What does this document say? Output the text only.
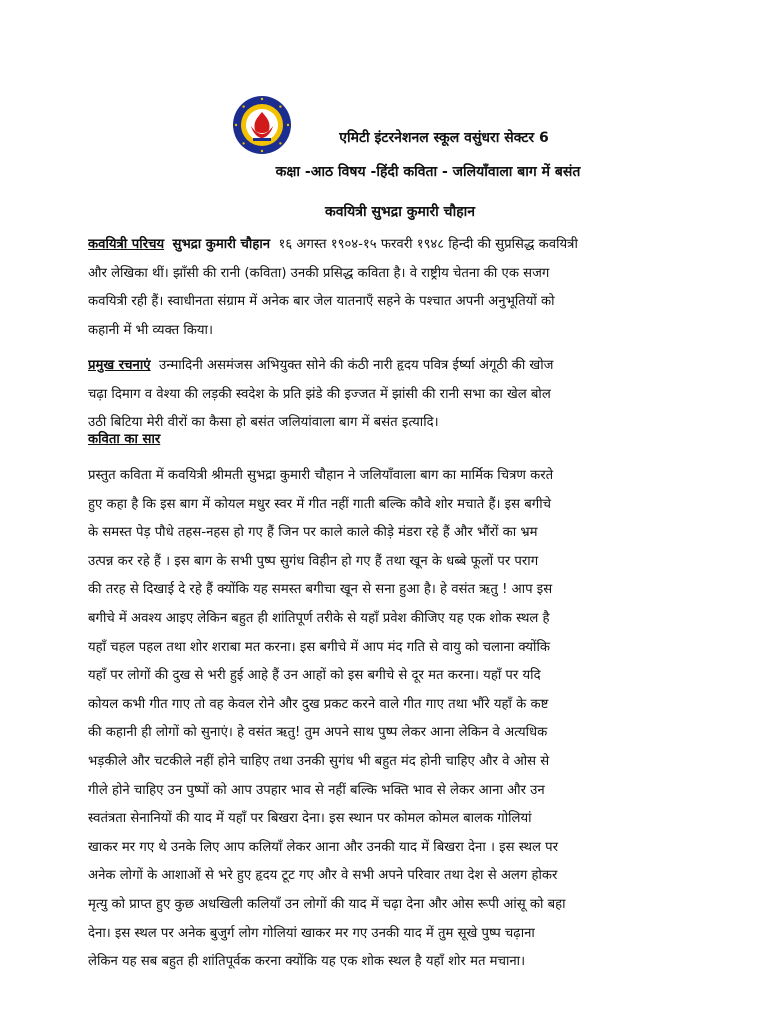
एमिटी इंटरनेशनल स्कूल वसुंधरा सेक्टर 6
कक्षा -आठ विषय -हिंदी कविता - जलियाँवाला बाग में बसंत
कवयित्री सुभद्रा कुमारी चौहान
कवयित्री परिचय सुभद्रा कुमारी चौहान १६ अगस्त १९०४-१५ फरवरी १९४८ हिन्दी की सुप्रसिद्ध कवयित्री
और लेखिका थीं। झाँसी की रानी (कविता) उनकी प्रसिद्ध कविता है। वे राष्ट्रीय चेतना की एक सजग
कवयित्री रही हैं। स्वाधीनता संग्राम में अनेक बार जेल यातनाएँ सहने के पश्चात अपनी अनुभूतियों को
कहानी में भी व्यक्त किया।
प्रमुख रचनाएं उन्मादिनी असमंजस अभियुक्त सोने की कंठी नारी हृदय पवित्र ईर्ष्या अंगूठी की खोज
चढ़ा दिमाग व वेश्या की लड़की स्वदेश के प्रति झंडे की इज्जत में झांसी की रानी सभा का खेल बोल
उठी बिटिया मेरी वीरों का कैसा हो बसंत जलियांवाला बाग में बसंत इत्यादि।
कविता का सार
प्रस्तुत कविता में कवयित्री श्रीमती सुभद्रा कुमारी चौहान ने जलियाँवाला बाग का मार्मिक चित्रण करते
हुए कहा है कि इस बाग में कोयल मधुर स्वर में गीत नहीं गाती बल्कि कौवे शोर मचाते हैं। इस बगीचे
के समस्त पेड़ पौधे तहस-नहस हो गए हैं जिन पर काले काले कीड़े मंडरा रहे हैं और भौंरों का भ्रम
उत्पन्न कर रहे हैं । इस बाग के सभी पुष्प सुगंध विहीन हो गए हैं तथा खून के धब्बे फूलों पर पराग
की तरह से दिखाई दे रहे हैं क्योंकि यह समस्त बगीचा खून से सना हुआ है। हे वसंत ऋतु ! आप इस
बगीचे में अवश्य आइए लेकिन बहुत ही शांतिपूर्ण तरीके से यहाँ प्रवेश कीजिए यह एक शोक स्थल है
यहाँ चहल पहल तथा शोर शराबा मत करना। इस बगीचे में आप मंद गति से वायु को चलाना क्योंकि
यहाँ पर लोगों की दुख से भरी हुई आहे हैं उन आहों को इस बगीचे से दूर मत करना। यहाँ पर यदि
कोयल कभी गीत गाए तो वह केवल रोने और दुख प्रकट करने वाले गीत गाए तथा भौंरे यहाँ के कष्ट
की कहानी ही लोगों को सुनाएं। हे वसंत ऋतु! तुम अपने साथ पुष्प लेकर आना लेकिन वे अत्यधिक
भड़कीले और चटकीले नहीं होने चाहिए तथा उनकी सुगंध भी बहुत मंद होनी चाहिए और वे ओस से
गीले होने चाहिए उन पुष्पों को आप उपहार भाव से नहीं बल्कि भक्ति भाव से लेकर आना और उन
स्वतंत्रता सेनानियों की याद में यहाँ पर बिखरा देना। इस स्थान पर कोमल कोमल बालक गोलियां
खाकर मर गए थे उनके लिए आप कलियाँ लेकर आना और उनकी याद में बिखरा देना । इस स्थल पर
अनेक लोगों के आशाओं से भरे हुए हृदय टूट गए और वे सभी अपने परिवार तथा देश से अलग होकर
मृत्यु को प्राप्त हुए कुछ अधखिली कलियाँ उन लोगों की याद में चढ़ा देना और ओस रूपी आंसू को बहा
देना। इस स्थल पर अनेक बुजुर्ग लोग गोलियां खाकर मर गए उनकी याद में तुम सूखे पुष्प चढ़ाना
लेकिन यह सब बहुत ही शांतिपूर्वक करना क्योंकि यह एक शोक स्थल है यहाँ शोर मत मचाना।
